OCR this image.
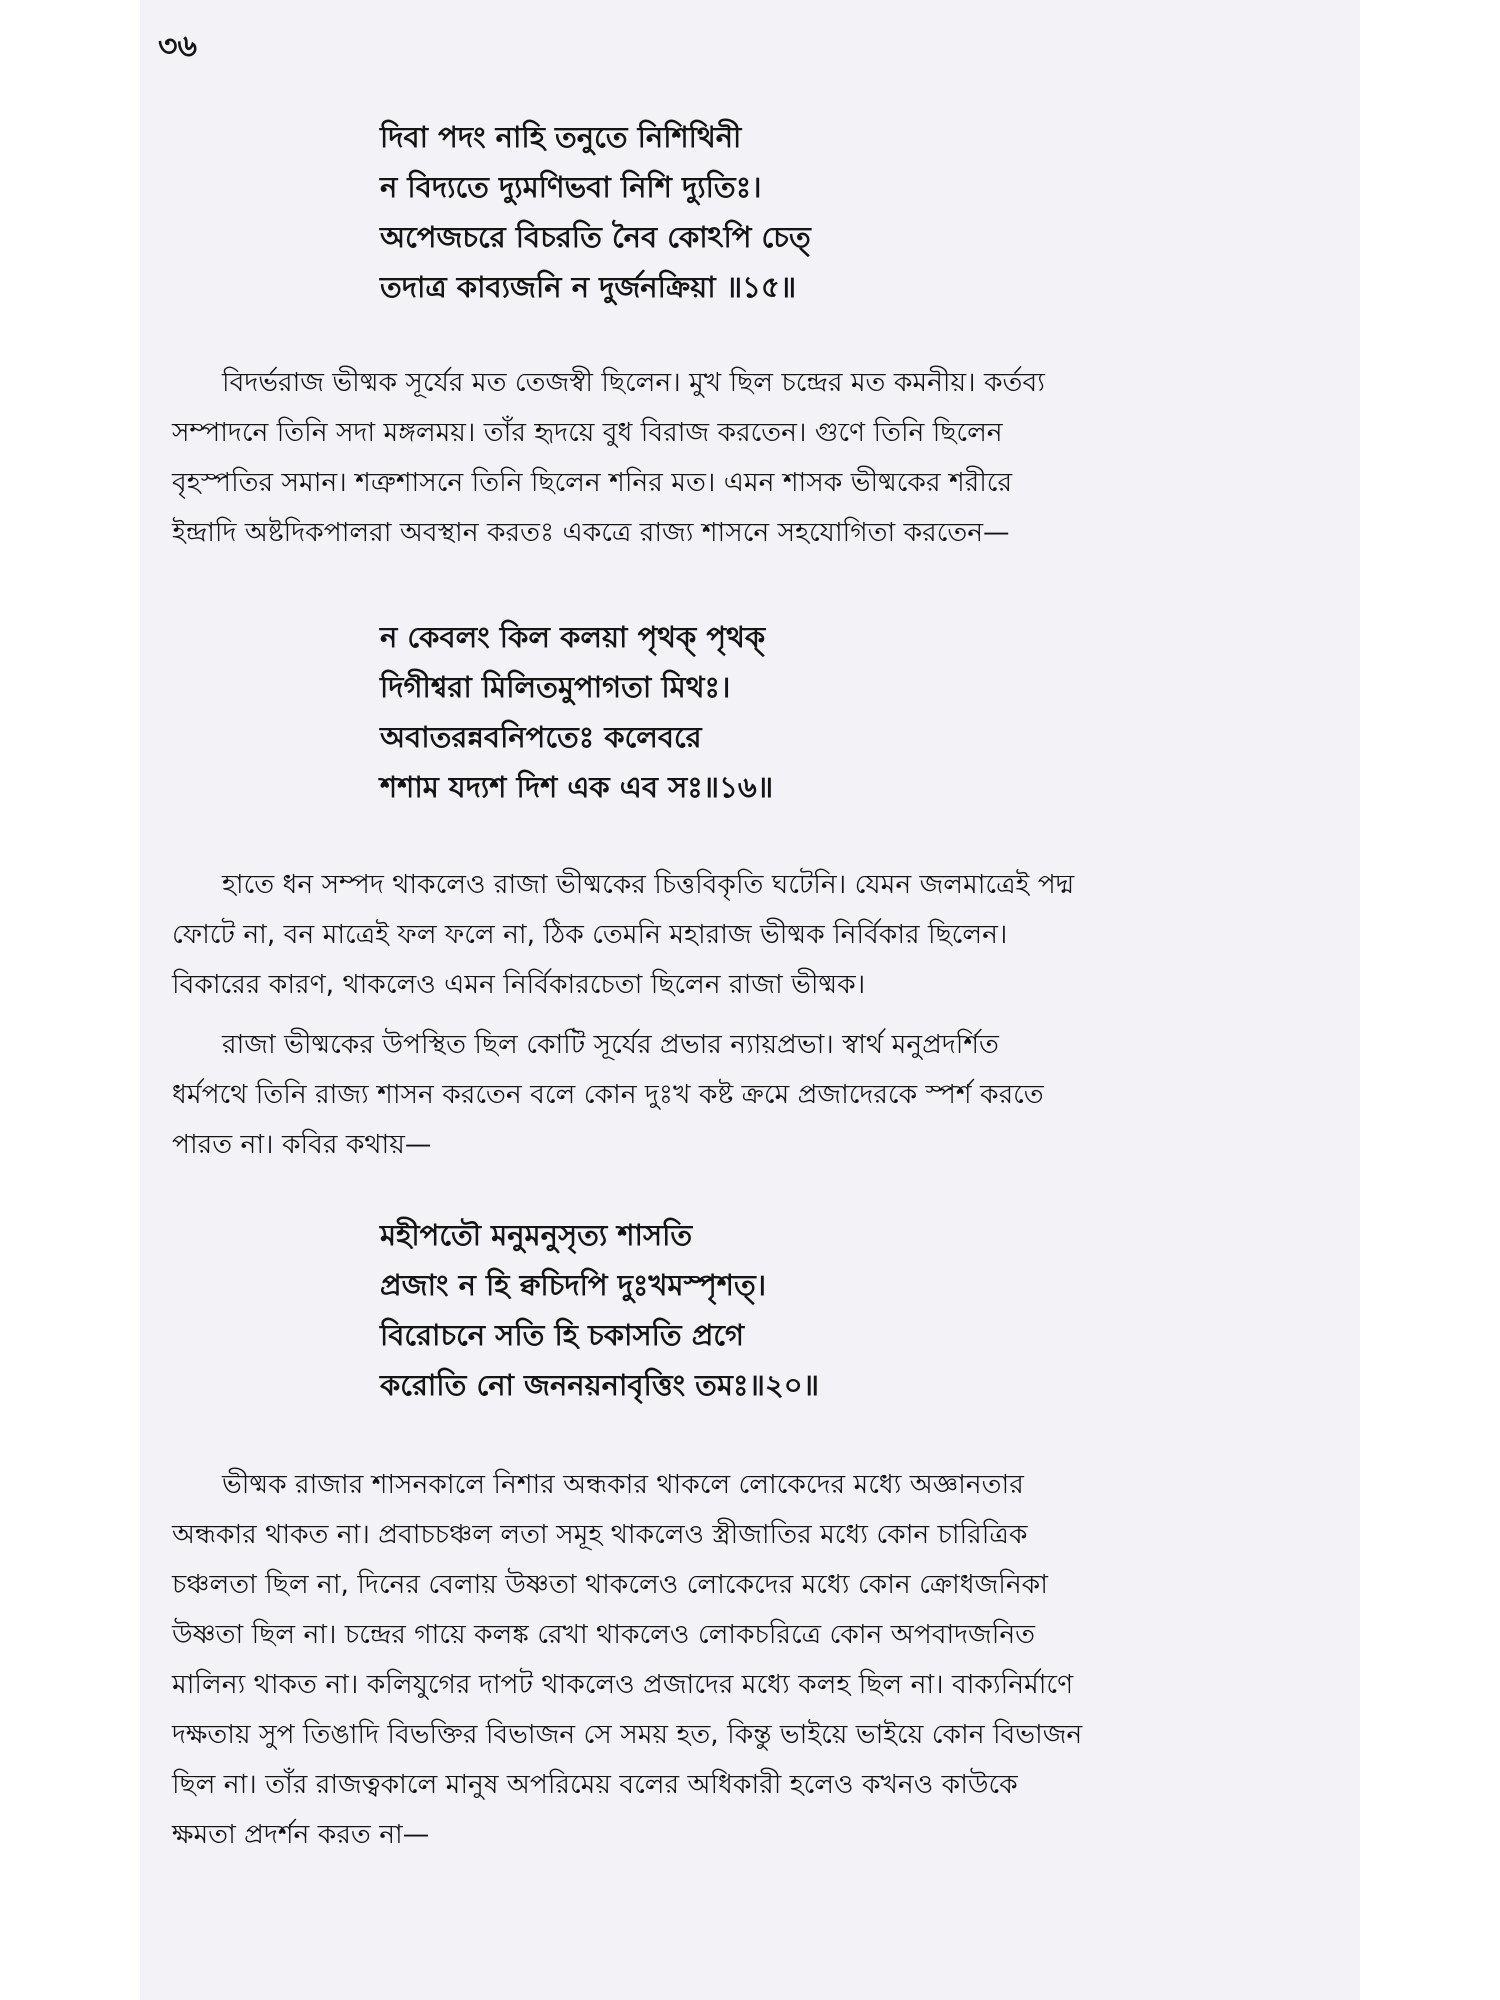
৩৬
দিবা পদং নাহি তনুতে নিশিথিনী
ন বিদ্যতে দ্যুমণিভবা নিশি দ্যুতিঃ।
অপেজচরে বিচরতি নৈব কোঽপি চেত্
তদাত্র কাব্যজনি ন দুর্জনক্রিয়া ॥১৫॥
বিদর্ভরাজ ভীষ্মক সূর্যের মত তেজস্বী ছিলেন। মুখ ছিল চন্দ্রের মত কমনীয়। কর্তব্য
সম্পাদনে তিনি সদা মঙ্গলময়। তাঁর হৃদয়ে বুধ বিরাজ করতেন। গুণে তিনি ছিলেন
বৃহস্পতির সমান। শত্রুশাসনে তিনি ছিলেন শনির মত। এমন শাসক ভীষ্মকের শরীরে
ইন্দ্রাদি অষ্টদিকপালরা অবস্থান করতঃ একত্রে রাজ্য শাসনে সহযোগিতা করতেন—
ন কেবলং কিল কলয়া পৃথক্ পৃথক্
দিগীশ্বরা মিলিতমুপাগতা মিথঃ।
অবাতরন্নবনিপতেঃ কলেবরে
শশাম যদ্যশ দিশ এক এব সঃ॥১৬॥
হাতে ধন সম্পদ থাকলেও রাজা ভীষ্মকের চিত্তবিকৃতি ঘটেনি। যেমন জলমাত্রেই পদ্ম
ফোটে না, বন মাত্রেই ফল ফলে না, ঠিক তেমনি মহারাজ ভীষ্মক নির্বিকার ছিলেন।
বিকারের কারণ, থাকলেও এমন নির্বিকারচেতা ছিলেন রাজা ভীষ্মক।
রাজা ভীষ্মকের উপস্থিত ছিল কোটি সূর্যের প্রভার ন্যায়প্রভা। স্বার্থ মনুপ্রদর্শিত
ধর্মপথে তিনি রাজ্য শাসন করতেন বলে কোন দুঃখ কষ্ট ক্রমে প্রজাদেরকে স্পর্শ করতে
পারত না। কবির কথায়—
মহীপতৌ মনুমনুসৃত্য শাসতি
প্রজাং ন হি ক্বচিদপি দুঃখমস্পৃশত্।
বিরোচনে সতি হি চকাসতি প্রগে
করোতি নো জননয়নাবৃত্তিং তমঃ॥২০॥
ভীষ্মক রাজার শাসনকালে নিশার অন্ধকার থাকলে লোকেদের মধ্যে অজ্ঞানতার
অন্ধকার থাকত না। প্রবাচচঞ্চল লতা সমূহ থাকলেও স্ত্রীজাতির মধ্যে কোন চারিত্রিক
চঞ্চলতা ছিল না, দিনের বেলায় উষ্ণতা থাকলেও লোকেদের মধ্যে কোন ক্রোধজনিকা
উষ্ণতা ছিল না। চন্দ্রের গায়ে কলঙ্ক রেখা থাকলেও লোকচরিত্রে কোন অপবাদজনিত
মালিন্য থাকত না। কলিযুগের দাপট থাকলেও প্রজাদের মধ্যে কলহ ছিল না। বাক্যনির্মাণে
দক্ষতায় সুপ তিঙাদি বিভক্তির বিভাজন সে সময় হত, কিন্তু ভাইয়ে ভাইয়ে কোন বিভাজন
ছিল না। তাঁর রাজত্বকালে মানুষ অপরিমেয় বলের অধিকারী হলেও কখনও কাউকে
ক্ষমতা প্রদর্শন করত না—
